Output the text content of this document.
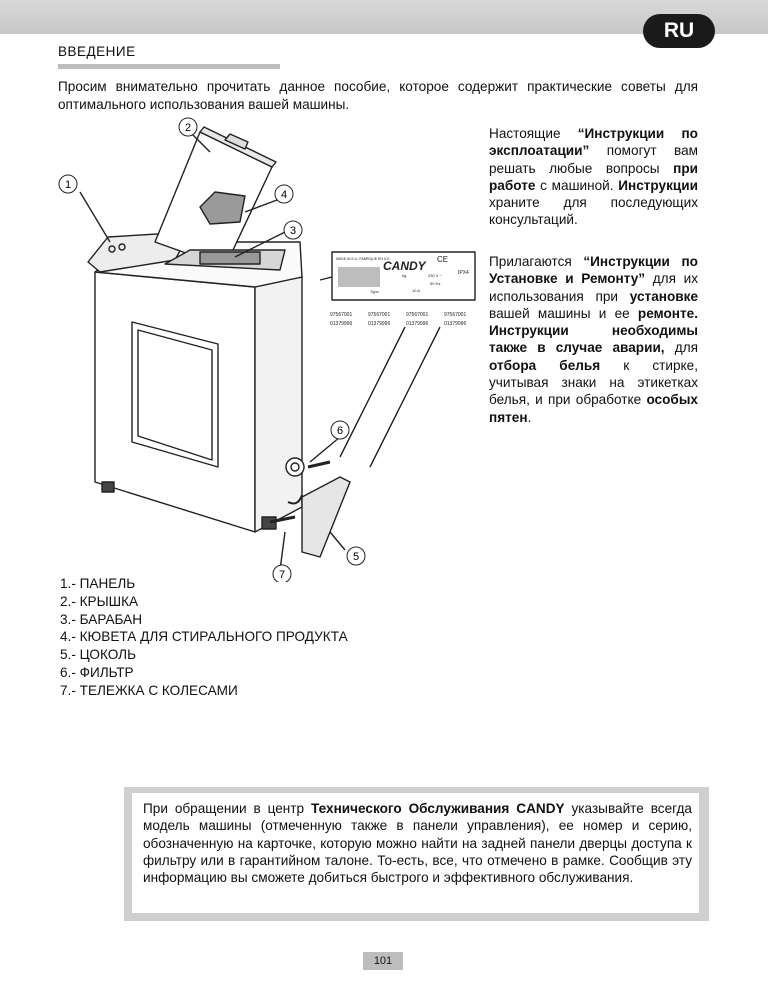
RU
ВВЕДЕНИЕ
Просим внимательно прочитать данное пособие, которое содержит практические советы для оптимального использования вашей машины.
Настоящие “Инструкции по эксплоатации” помогут вам решать любые вопросы при работе с машиной. Инструкции храните для последующих консультаций.
Прилагаются “Инструкции по Установке и Ремонту” для их использования при установке вашей машины и ее ремонте. Инструкции необходимы также в случае аварии, для отбора белья к стирке, учитывая знаки на этикетках белья, и при обработке особых пятен.
CANDY CE
IPX4
MADE IN E.U. FABRIQUE EN U.E.
kg	230 V ~
50 Hz
10 A
Type
97567001	97567001	97567001	97567001
01379996	01379996	01379996	01379996
1
2
3
4
5
6
7
1.- ПАНЕЛЬ
2.- КРЫШКА
3.- БАРАБАН
4.- КЮВЕТА ДЛЯ СТИРАЛЬНОГО ПРОДУКТА
5.- ЦОКОЛЬ
6.- ФИЛЬТР
7.- ТЕЛЕЖКА С КОЛЕСАМИ
При обращении в центр Технического Обслуживания CANDY указывайте всегда модель машины (отмеченную также в панели управления), ее номер и серию, обозначенную на карточке, которую можно найти на задней панели дверцы доступа к фильтру или в гарантийном талоне. То-есть, все, что отмечено в рамке. Сообщив эту информацию вы сможете добиться быстрого и эффективного обслуживания.
101
